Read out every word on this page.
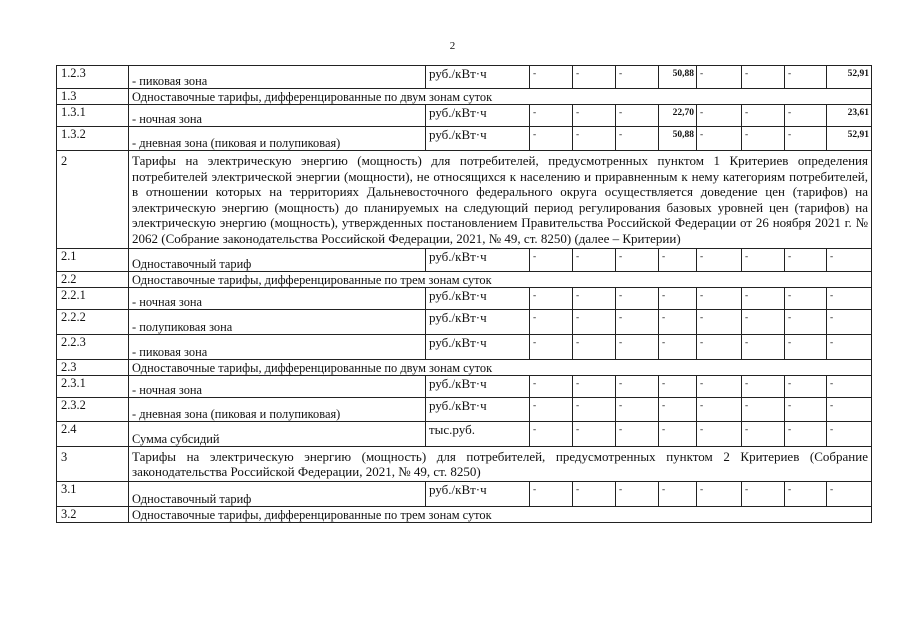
2
1.2.3	- пиковая зона	руб./кВт·ч	-	-	-	50,88	-	-	-	52,91
1.3	Одноставочные тарифы, дифференцированные по двум зонам суток									
1.3.1	- ночная зона	руб./кВт·ч	-	-	-	22,70	-	-	-	23,61
1.3.2	- дневная зона (пиковая и полупиковая)	руб./кВт·ч	-	-	-	50,88	-	-	-	52,91
2	Тарифы на электрическую энергию (мощность) для потребителей, предусмотренных пунктом 1 Критериев определения потребителей электрической энергии (мощности), не относящихся к населению и приравненным к нему категориям потребителей, в отношении которых на территориях Дальневосточного федерального округа осуществляется доведение цен (тарифов) на электрическую энергию (мощность) до планируемых на следующий период регулирования базовых уровней цен (тарифов) на электрическую энергию (мощность), утвержденных постановлением Правительства Российской Федерации от 26 ноября 2021 г. № 2062 (Собрание законодательства Российской Федерации, 2021, № 49, ст. 8250) (далее – Критерии)									
2.1	Одноставочный тариф	руб./кВт·ч	-	-	-	-	-	-	-	-
2.2	Одноставочные тарифы, дифференцированные по трем зонам суток									
2.2.1	- ночная зона	руб./кВт·ч	-	-	-	-	-	-	-	-
2.2.2	- полупиковая зона	руб./кВт·ч	-	-	-	-	-	-	-	-
2.2.3	- пиковая зона	руб./кВт·ч	-	-	-	-	-	-	-	-
2.3	Одноставочные тарифы, дифференцированные по двум зонам суток									
2.3.1	- ночная зона	руб./кВт·ч	-	-	-	-	-	-	-	-
2.3.2	- дневная зона (пиковая и полупиковая)	руб./кВт·ч	-	-	-	-	-	-	-	-
2.4	Сумма субсидий	тыс.руб.	-	-	-	-	-	-	-	-
3	Тарифы на электрическую энергию (мощность) для потребителей, предусмотренных пунктом 2 Критериев (Собрание законодательства Российской Федерации, 2021, № 49, ст. 8250)									
3.1	Одноставочный тариф	руб./кВт·ч	-	-	-	-	-	-	-	-
3.2	Одноставочные тарифы, дифференцированные по трем зонам суток									
